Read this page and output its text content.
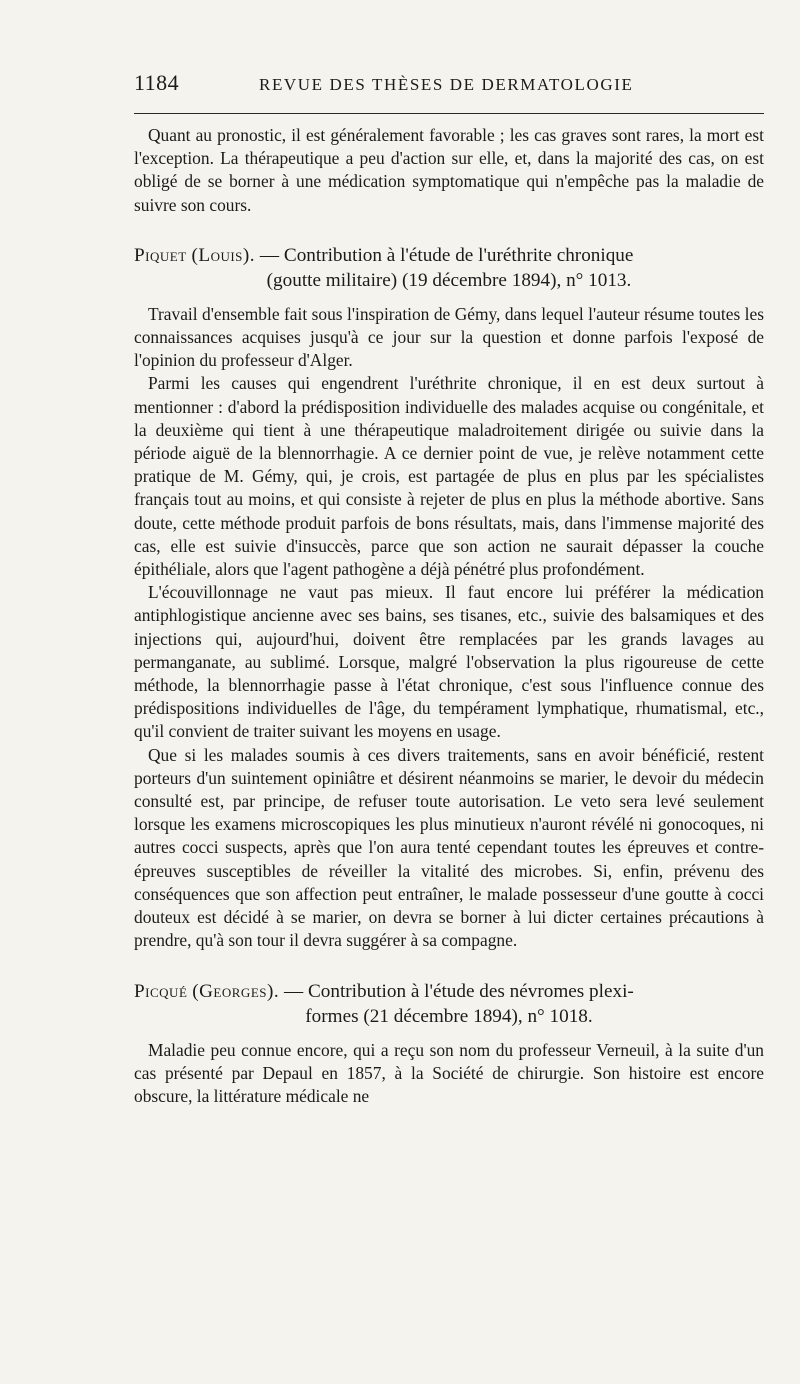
1184	REVUE DES THÈSES DE DERMATOLOGIE

Quant au pronostic, il est généralement favorable ; les cas graves sont rares, la mort est l'exception. La thérapeutique a peu d'action sur elle, et, dans la majorité des cas, on est obligé de se borner à une médication symptomatique qui n'empêche pas la maladie de suivre son cours.

Piquet (Louis). — Contribution à l'étude de l'uréthrite chronique
(goutte militaire) (19 décembre 1894), n° 1013.

Travail d'ensemble fait sous l'inspiration de Gémy, dans lequel l'auteur résume toutes les connaissances acquises jusqu'à ce jour sur la question et donne parfois l'exposé de l'opinion du professeur d'Alger.

Parmi les causes qui engendrent l'uréthrite chronique, il en est deux surtout à mentionner : d'abord la prédisposition individuelle des malades acquise ou congénitale, et la deuxième qui tient à une thérapeutique maladroitement dirigée ou suivie dans la période aiguë de la blennorrhagie. A ce dernier point de vue, je relève notamment cette pratique de M. Gémy, qui, je crois, est partagée de plus en plus par les spécialistes français tout au moins, et qui consiste à rejeter de plus en plus la méthode abortive. Sans doute, cette méthode produit parfois de bons résultats, mais, dans l'immense majorité des cas, elle est suivie d'insuccès, parce que son action ne saurait dépasser la couche épithéliale, alors que l'agent pathogène a déjà pénétré plus profondément.

L'écouvillonnage ne vaut pas mieux. Il faut encore lui préférer la médication antiphlogistique ancienne avec ses bains, ses tisanes, etc., suivie des balsamiques et des injections qui, aujourd'hui, doivent être remplacées par les grands lavages au permanganate, au sublimé. Lorsque, malgré l'observation la plus rigoureuse de cette méthode, la blennorrhagie passe à l'état chronique, c'est sous l'influence connue des prédispositions individuelles de l'âge, du tempérament lymphatique, rhumatismal, etc., qu'il convient de traiter suivant les moyens en usage.

Que si les malades soumis à ces divers traitements, sans en avoir bénéficié, restent porteurs d'un suintement opiniâtre et désirent néanmoins se marier, le devoir du médecin consulté est, par principe, de refuser toute autorisation. Le veto sera levé seulement lorsque les examens microscopiques les plus minutieux n'auront révélé ni gonocoques, ni autres cocci suspects, après que l'on aura tenté cependant toutes les épreuves et contre-épreuves susceptibles de réveiller la vitalité des microbes. Si, enfin, prévenu des conséquences que son affection peut entraîner, le malade possesseur d'une goutte à cocci douteux est décidé à se marier, on devra se borner à lui dicter certaines précautions à prendre, qu'à son tour il devra suggérer à sa compagne.

Picqué (Georges). — Contribution à l'étude des névromes plexi-
formes (21 décembre 1894), n° 1018.

Maladie peu connue encore, qui a reçu son nom du professeur Verneuil, à la suite d'un cas présenté par Depaul en 1857, à la Société de chirurgie. Son histoire est encore obscure, la littérature médicale ne
